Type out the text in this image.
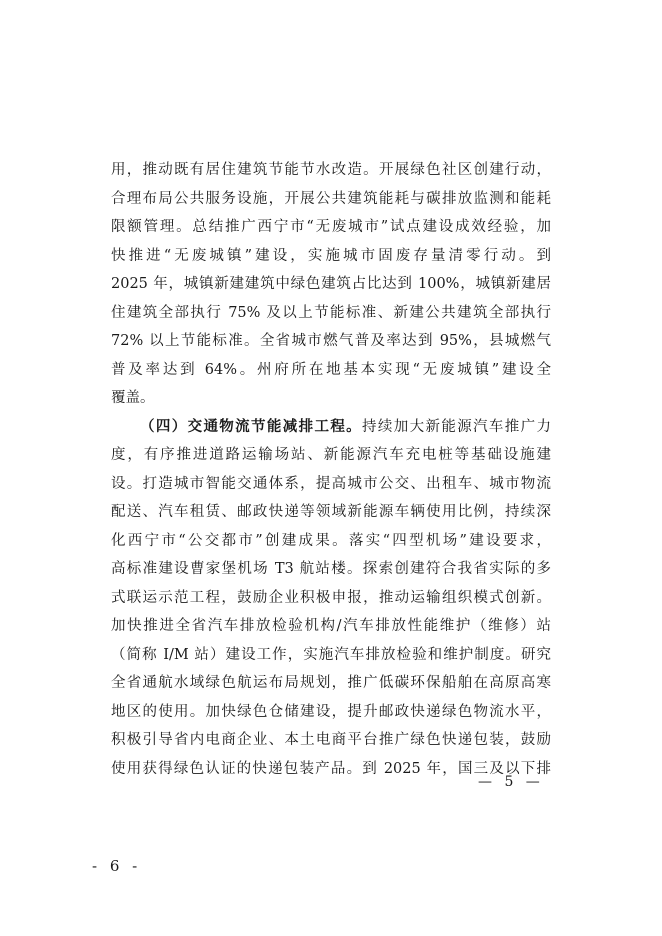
用，推动既有居住建筑节能节水改造。开展绿色社区创建行动，
合理布局公共服务设施，开展公共建筑能耗与碳排放监测和能耗
限额管理。总结推广西宁市“无废城市”试点建设成效经验，加
快推进“无废城镇”建设，实施城市固废存量清零行动。到
2025 年，城镇新建建筑中绿色建筑占比达到 100%，城镇新建居
住建筑全部执行 75% 及以上节能标准、新建公共建筑全部执行
72% 以上节能标准。全省城市燃气普及率达到 95%，县城燃气
普及率达到 64%。州府所在地基本实现“无废城镇”建设全
覆盖。
（四）交通物流节能减排工程。持续加大新能源汽车推广力
度，有序推进道路运输场站、新能源汽车充电桩等基础设施建
设。打造城市智能交通体系，提高城市公交、出租车、城市物流
配送、汽车租赁、邮政快递等领域新能源车辆使用比例，持续深
化西宁市“公交都市”创建成果。落实“四型机场”建设要求，
高标准建设曹家堡机场 T3 航站楼。探索创建符合我省实际的多
式联运示范工程，鼓励企业积极申报，推动运输组织模式创新。
加快推进全省汽车排放检验机构/汽车排放性能维护（维修）站
（简称 I/M 站）建设工作，实施汽车排放检验和维护制度。研究
全省通航水域绿色航运布局规划，推广低碳环保船舶在高原高寒
地区的使用。加快绿色仓储建设，提升邮政快递绿色物流水平，
积极引导省内电商企业、本土电商平台推广绿色快递包装，鼓励
使用获得绿色认证的快递包装产品。到 2025 年，国三及以下排
— 5 —
- 6 -
